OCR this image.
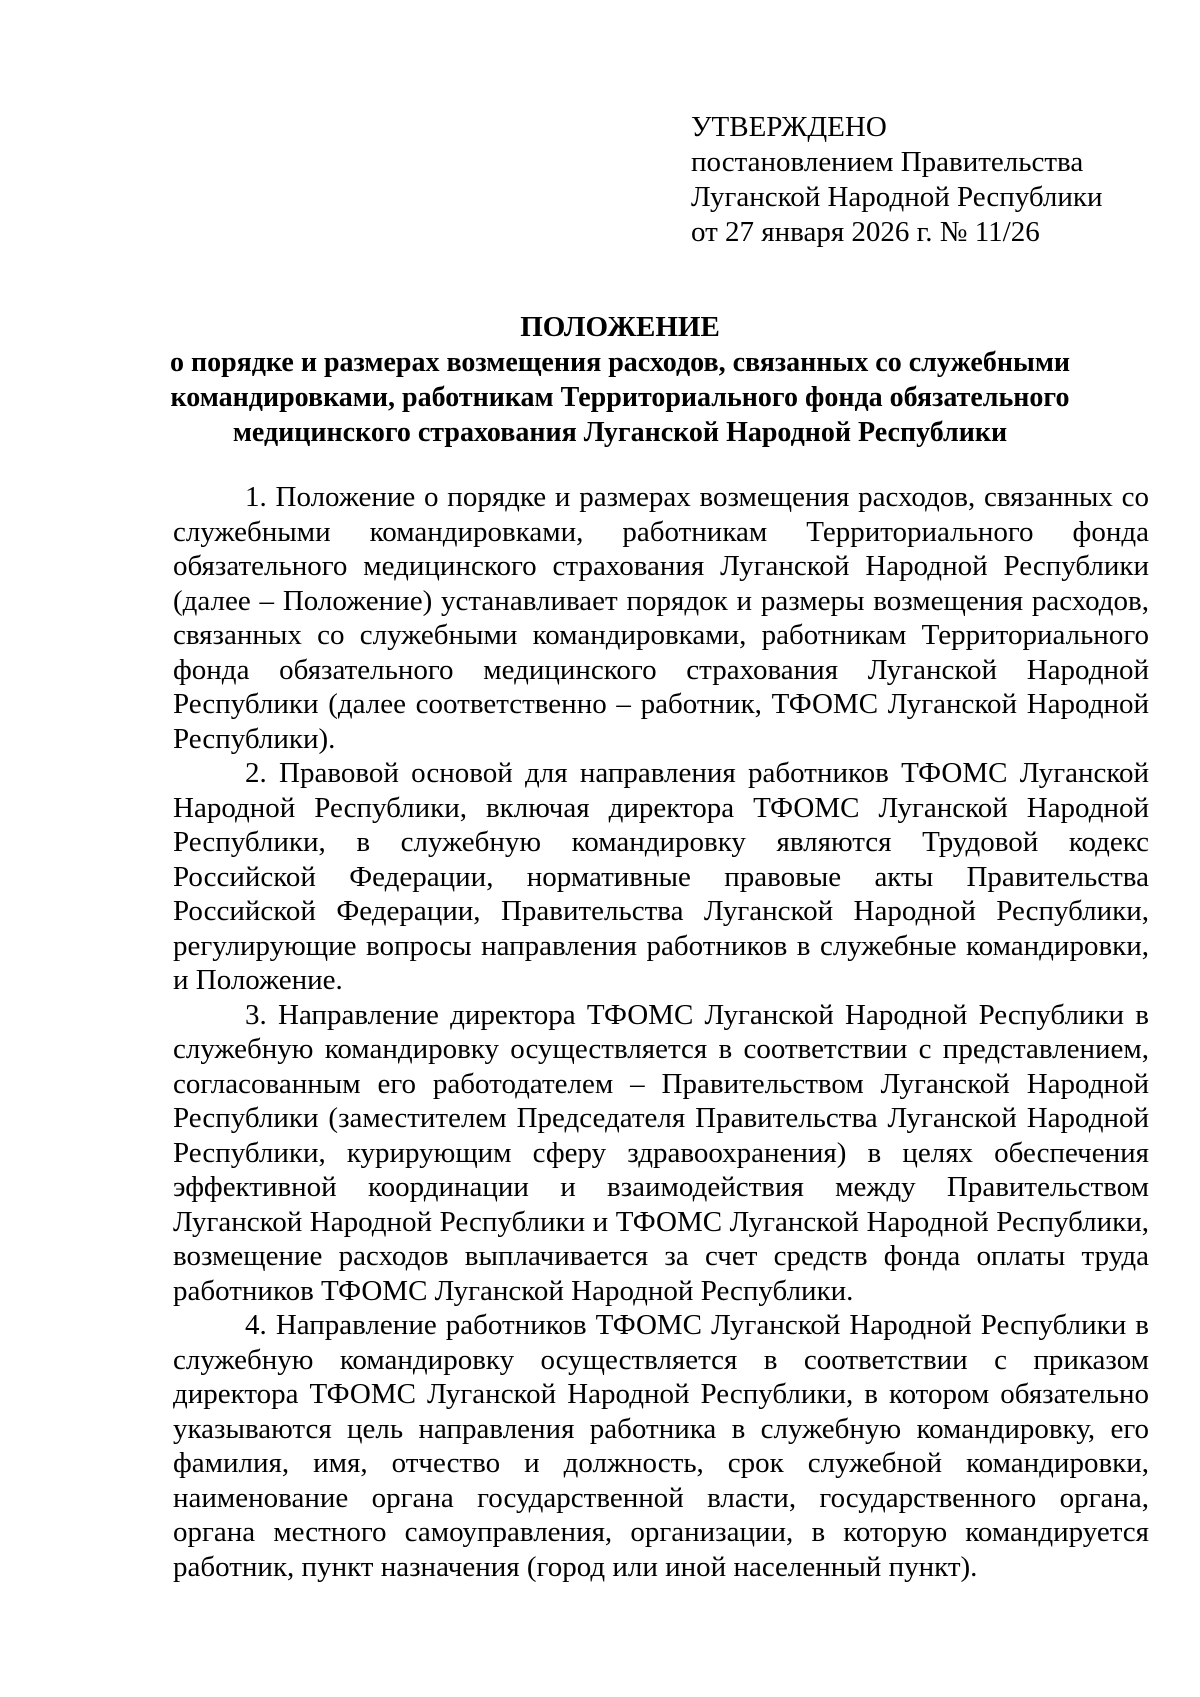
УТВЕРЖДЕНО
постановлением Правительства
Луганской Народной Республики
от 27 января 2026 г. № 11/26
ПОЛОЖЕНИЕ
о порядке и размерах возмещения расходов, связанных со служебными
командировками, работникам Территориального фонда обязательного
медицинского страхования Луганской Народной Республики

1. Положение о порядке и размерах возмещения расходов, связанных со служебными командировками, работникам Территориального фонда обязательного медицинского страхования Луганской Народной Республики (далее – Положение) устанавливает порядок и размеры возмещения расходов, связанных со служебными командировками, работникам Территориального фонда обязательного медицинского страхования Луганской Народной Республики (далее соответственно – работник, ТФОМС Луганской Народной Республики).

2. Правовой основой для направления работников ТФОМС Луганской Народной Республики, включая директора ТФОМС Луганской Народной Республики, в служебную командировку являются Трудовой кодекс Российской Федерации, нормативные правовые акты Правительства Российской Федерации, Правительства Луганской Народной Республики, регулирующие вопросы направления работников в служебные командировки, и Положение.

3. Направление директора ТФОМС Луганской Народной Республики в служебную командировку осуществляется в соответствии с представлением, согласованным его работодателем – Правительством Луганской Народной Республики (заместителем Председателя Правительства Луганской Народной Республики, курирующим сферу здравоохранения) в целях обеспечения эффективной координации и взаимодействия между Правительством Луганской Народной Республики и ТФОМС Луганской Народной Республики, возмещение расходов выплачивается за счет средств фонда оплаты труда работников ТФОМС Луганской Народной Республики.

4. Направление работников ТФОМС Луганской Народной Республики в служебную командировку осуществляется в соответствии с приказом директора ТФОМС Луганской Народной Республики, в котором обязательно указываются цель направления работника в служебную командировку, его фамилия, имя, отчество и должность, срок служебной командировки, наименование органа государственной власти, государственного органа, органа местного самоуправления, организации, в которую командируется работник, пункт назначения (город или иной населенный пункт).
